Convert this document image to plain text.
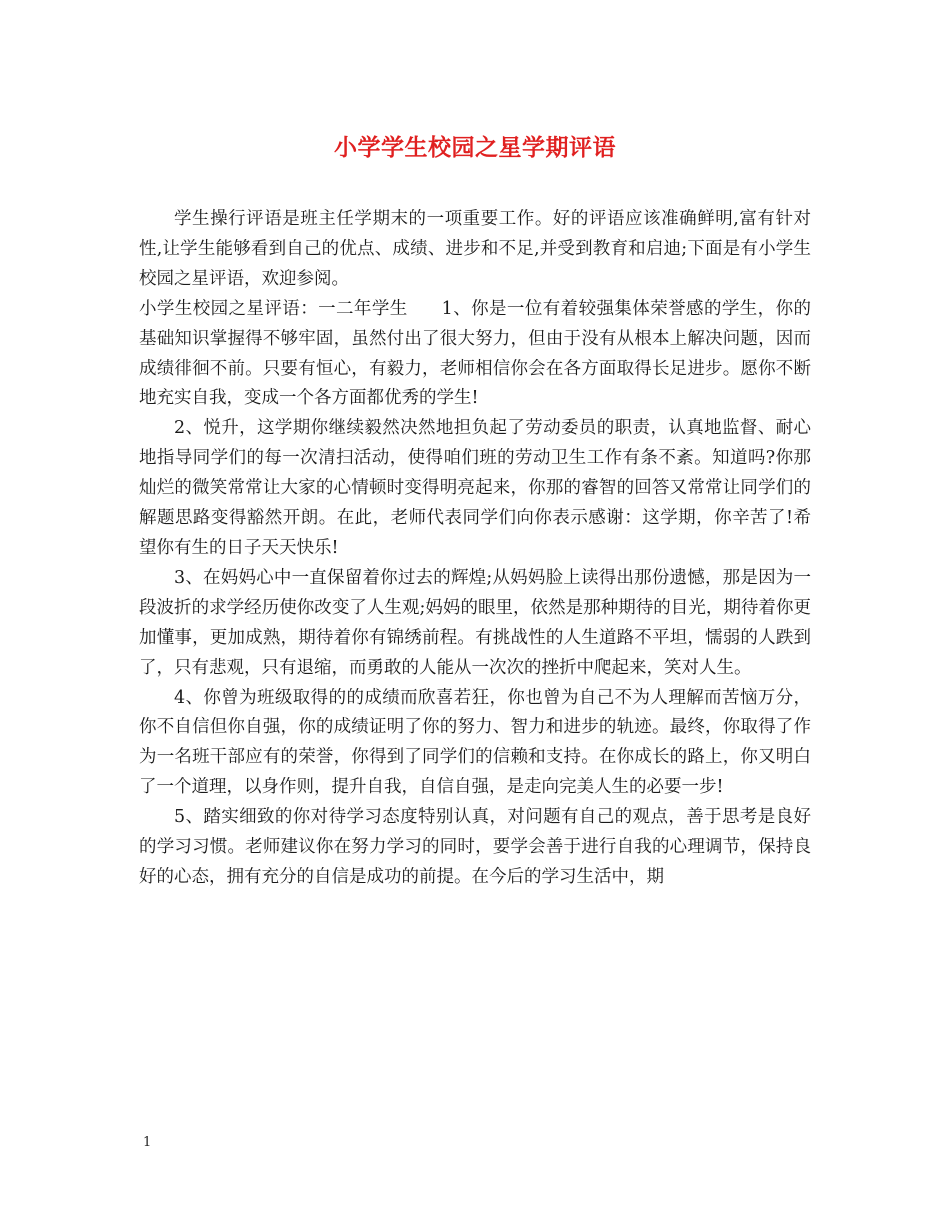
小学学生校园之星学期评语

学生操行评语是班主任学期末的一项重要工作。好的评语应该准确鲜明,富有针对性,让学生能够看到自己的优点、成绩、进步和不足,并受到教育和启迪;下面是有小学生校园之星评语，欢迎参阅。

小学生校园之星评语：一二年学生 1、你是一位有着较强集体荣誉感的学生，你的基础知识掌握得不够牢固，虽然付出了很大努力，但由于没有从根本上解决问题，因而成绩徘徊不前。只要有恒心，有毅力，老师相信你会在各方面取得长足进步。愿你不断地充实自我，变成一个各方面都优秀的学生!

2、悦升，这学期你继续毅然决然地担负起了劳动委员的职责，认真地监督、耐心地指导同学们的每一次清扫活动，使得咱们班的劳动卫生工作有条不紊。知道吗?你那灿烂的微笑常常让大家的心情顿时变得明亮起来，你那的睿智的回答又常常让同学们的解题思路变得豁然开朗。在此，老师代表同学们向你表示感谢：这学期，你辛苦了!希望你有生的日子天天快乐!

3、在妈妈心中一直保留着你过去的辉煌;从妈妈脸上读得出那份遗憾，那是因为一段波折的求学经历使你改变了人生观;妈妈的眼里，依然是那种期待的目光，期待着你更加懂事，更加成熟，期待着你有锦绣前程。有挑战性的人生道路不平坦，懦弱的人跌到了，只有悲观，只有退缩，而勇敢的人能从一次次的挫折中爬起来，笑对人生。

4、你曾为班级取得的的成绩而欣喜若狂，你也曾为自己不为人理解而苦恼万分，你不自信但你自强，你的成绩证明了你的努力、智力和进步的轨迹。最终，你取得了作为一名班干部应有的荣誉，你得到了同学们的信赖和支持。在你成长的路上，你又明白了一个道理，以身作则，提升自我，自信自强，是走向完美人生的必要一步!

5、踏实细致的你对待学习态度特别认真，对问题有自己的观点，善于思考是良好的学习习惯。老师建议你在努力学习的同时，要学会善于进行自我的心理调节，保持良好的心态，拥有充分的自信是成功的前提。在今后的学习生活中，期

1
